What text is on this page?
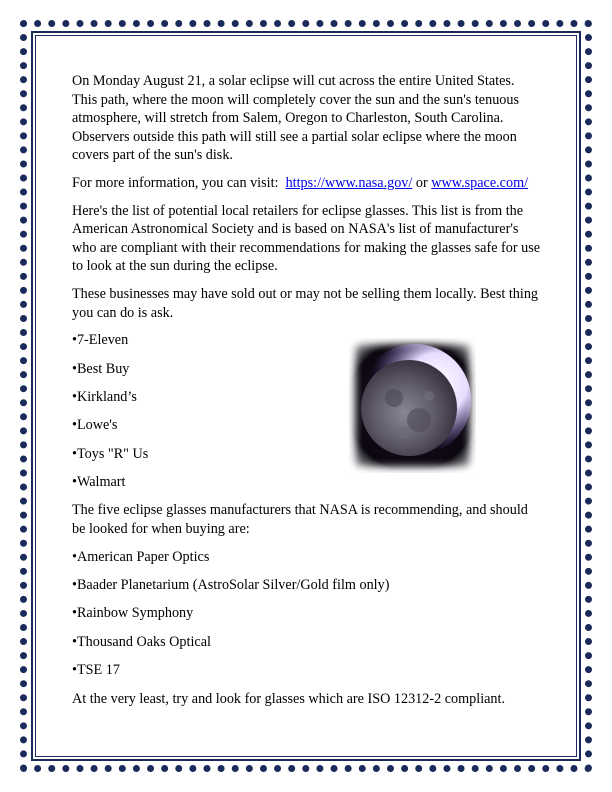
On Monday August 21, a solar eclipse will cut across the entire United States. This path, where the moon will completely cover the sun and the sun's tenuous atmosphere, will stretch from Salem, Oregon to Charleston, South Carolina. Observers outside this path will still see a partial solar eclipse where the moon covers part of the sun's disk.

For more information, you can visit: https://www.nasa.gov/ or www.space.com/

Here's the list of potential local retailers for eclipse glasses. This list is from the American Astronomical Society and is based on NASA's list of manufacturer's who are compliant with their recommendations for making the glasses safe for use to look at the sun during the eclipse.

These businesses may have sold out or may not be selling them locally. Best thing you can do is ask.

•7-Eleven
•Best Buy
•Kirkland’s
•Lowe's
•Toys "R" Us
•Walmart

The five eclipse glasses manufacturers that NASA is recommending, and should be looked for when buying are:

•American Paper Optics
•Baader Planetarium (AstroSolar Silver/Gold film only)
•Rainbow Symphony
•Thousand Oaks Optical
•TSE 17

At the very least, try and look for glasses which are ISO 12312-2 compliant.
